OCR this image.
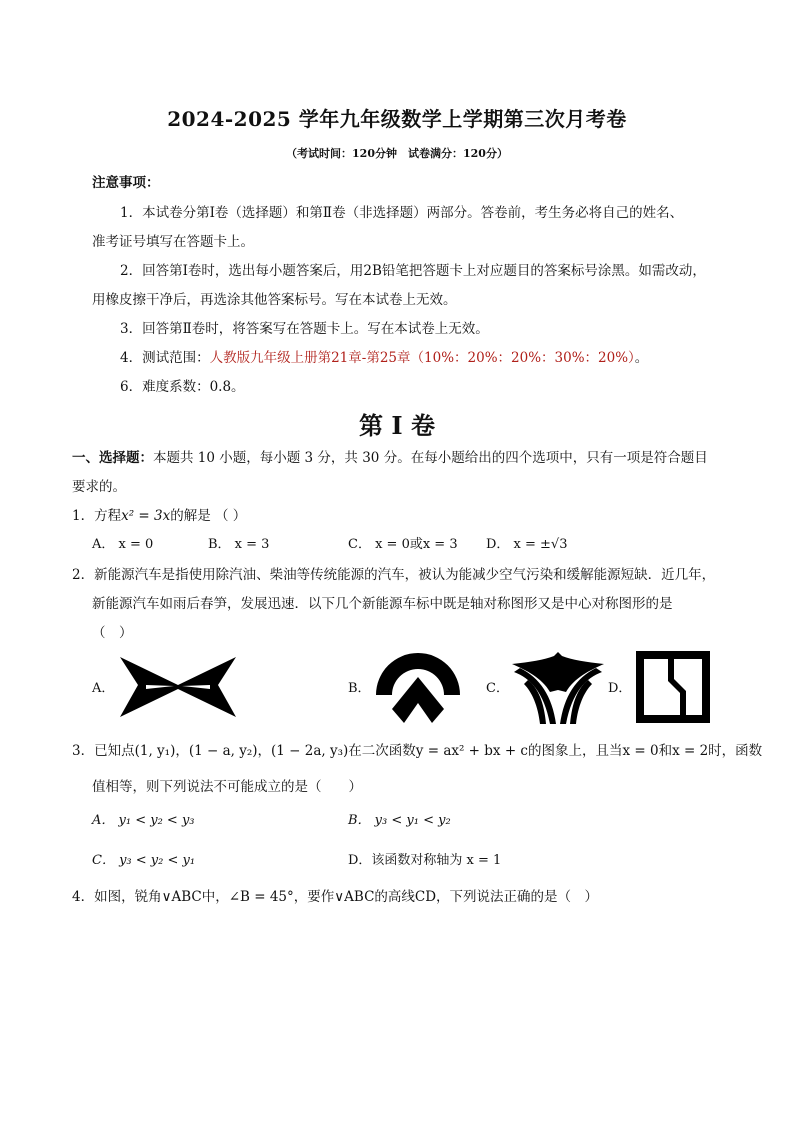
2024-2025 学年九年级数学上学期第三次月考卷
（考试时间：120分钟　试卷满分：120分）
注意事项：
1．本试卷分第Ⅰ卷（选择题）和第Ⅱ卷（非选择题）两部分。答卷前，考生务必将自己的姓名、
准考证号填写在答题卡上。
2．回答第Ⅰ卷时，选出每小题答案后，用2B铅笔把答题卡上对应题目的答案标号涂黑。如需改动，
用橡皮擦干净后，再选涂其他答案标号。写在本试卷上无效。
3．回答第Ⅱ卷时，将答案写在答题卡上。写在本试卷上无效。
4．测试范围：人教版九年级上册第21章-第25章（10%：20%：20%：30%：20%）。
6．难度系数：0.8。
第 I 卷
一、选择题：本题共 10 小题，每小题 3 分，共 30 分。在每小题给出的四个选项中，只有一项是符合题目
要求的。
1．方程x² = 3x的解是 （ ）
A． x = 0	B． x = 3	C． x = 0或x = 3 D． x = ±√3
2．新能源汽车是指使用除汽油、柴油等传统能源的汽车，被认为能减少空气污染和缓解能源短缺．近几年，
新能源汽车如雨后春笋，发展迅速．以下几个新能源车标中既是轴对称图形又是中心对称图形的是
（　）
A．	B．	C．	D．
3．已知点(1, y₁)，(1 − a, y₂)，(1 − 2a, y₃)在二次函数y = ax² + bx + c的图象上，且当x = 0和x = 2时，函数
值相等，则下列说法不可能成立的是（　　）
A． y₁ < y₂ < y₃	B． y₃ < y₁ < y₂
C． y₃ < y₂ < y₁	D．该函数对称轴为 x = 1
4．如图，锐角∨ABC中，∠B = 45°，要作∨ABC的高线CD，下列说法正确的是（　）
